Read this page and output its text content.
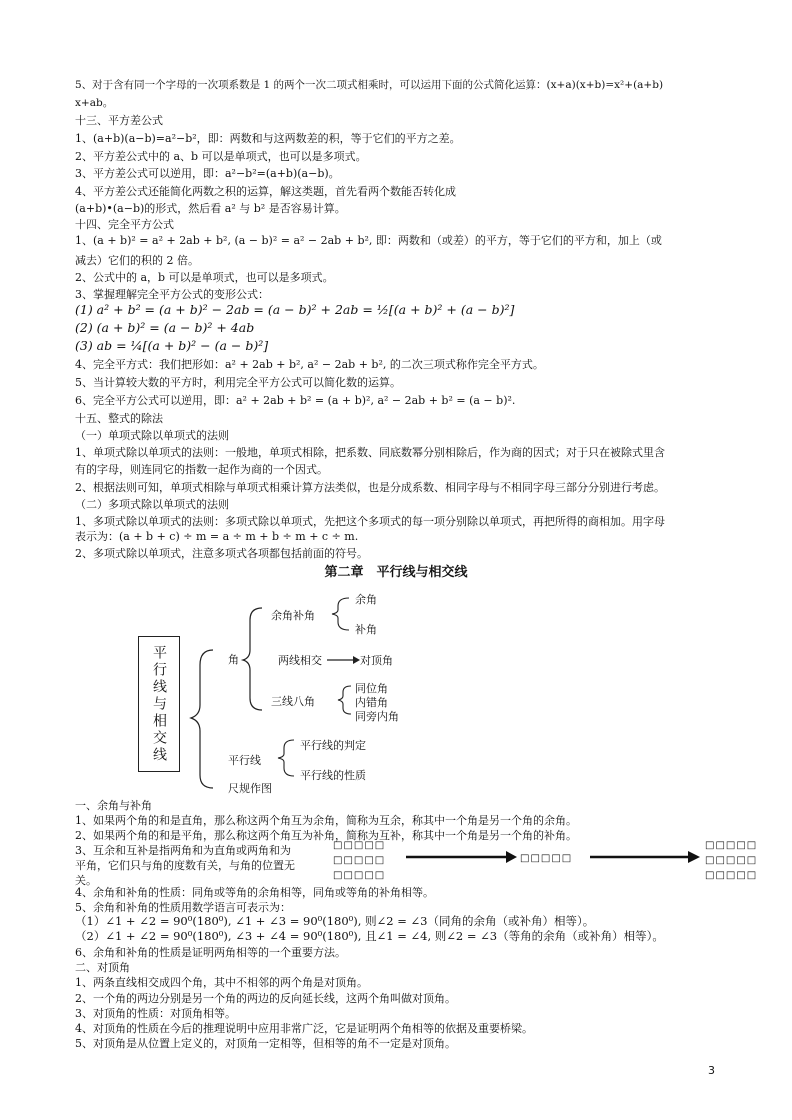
5、对于含有同一个字母的一次项系数是 1 的两个一次二项式相乘时，可以运用下面的公式简化运算：(x+a)(x+b)=x²+(a+b)
x+ab。
十三、平方差公式
1、(a+b)(a−b)=a²−b²，即：两数和与这两数差的积，等于它们的平方之差。
2、平方差公式中的 a、b 可以是单项式，也可以是多项式。
3、平方差公式可以逆用，即：a²−b²=(a+b)(a−b)。
4、平方差公式还能简化两数之积的运算，解这类题，首先看两个数能否转化成
(a+b)•(a−b)的形式，然后看 a² 与 b² 是否容易计算。
十四、完全平方公式
1、(a + b)² = a² + 2ab + b², (a − b)² = a² − 2ab + b², 即：两数和（或差）的平方，等于它们的平方和，加上（或
减去）它们的积的 2 倍。
2、公式中的 a，b 可以是单项式，也可以是多项式。
3、掌握理解完全平方公式的变形公式：
(1) a² + b² = (a + b)² − 2ab = (a − b)² + 2ab = ½[(a + b)² + (a − b)²]
(2) (a + b)² = (a − b)² + 4ab
(3) ab = ¼[(a + b)² − (a − b)²]
4、完全平方式：我们把形如：a² + 2ab + b², a² − 2ab + b², 的二次三项式称作完全平方式。
5、当计算较大数的平方时，利用完全平方公式可以简化数的运算。
6、完全平方公式可以逆用，即：a² + 2ab + b² = (a + b)², a² − 2ab + b² = (a − b)².
十五、整式的除法
（一）单项式除以单项式的法则
1、单项式除以单项式的法则：一般地，单项式相除，把系数、同底数幂分别相除后，作为商的因式；对于只在被除式里含
有的字母，则连同它的指数一起作为商的一个因式。
2、根据法则可知，单项式相除与单项式相乘计算方法类似，也是分成系数、相同字母与不相同字母三部分分别进行考虑。
（二）多项式除以单项式的法则
1、多项式除以单项式的法则：多项式除以单项式，先把这个多项式的每一项分别除以单项式，再把所得的商相加。用字母
表示为：(a + b + c) ÷ m = a ÷ m + b ÷ m + c ÷ m.
2、多项式除以单项式，注意多项式各项都包括前面的符号。
第二章　平行线与相交线
平行线与相交线	角
余角补角
余角
补角
两线相交	对顶角
三线八角
同位角
内错角
同旁内角
平行线
平行线的判定
平行线的性质
尺规作图
一、余角与补角
1、如果两个角的和是直角，那么称这两个角互为余角，简称为互余，称其中一个角是另一个角的余角。
2、如果两个角的和是平角，那么称这两个角互为补角，简称为互补，称其中一个角是另一个角的补角。
3、互余和互补是指两角和为直角或两角和为
平角，它们只与角的度数有关，与角的位置无
关。
□□□□□
□□□□□
□□□□□
□□□□□
□□□□□
□□□□□
□□□□□
4、余角和补角的性质：同角或等角的余角相等，同角或等角的补角相等。
5、余角和补角的性质用数学语言可表示为：
（1）∠1 + ∠2 = 90⁰(180⁰), ∠1 + ∠3 = 90⁰(180⁰), 则∠2 = ∠3（同角的余角（或补角）相等）。
（2）∠1 + ∠2 = 90⁰(180⁰), ∠3 + ∠4 = 90⁰(180⁰), 且∠1 = ∠4, 则∠2 = ∠3（等角的余角（或补角）相等）。
6、余角和补角的性质是证明两角相等的一个重要方法。
二、对顶角
1、两条直线相交成四个角，其中不相邻的两个角是对顶角。
2、一个角的两边分别是另一个角的两边的反向延长线，这两个角叫做对顶角。
3、对顶角的性质：对顶角相等。
4、对顶角的性质在今后的推理说明中应用非常广泛，它是证明两个角相等的依据及重要桥梁。
5、对顶角是从位置上定义的，对顶角一定相等，但相等的角不一定是对顶角。
3
